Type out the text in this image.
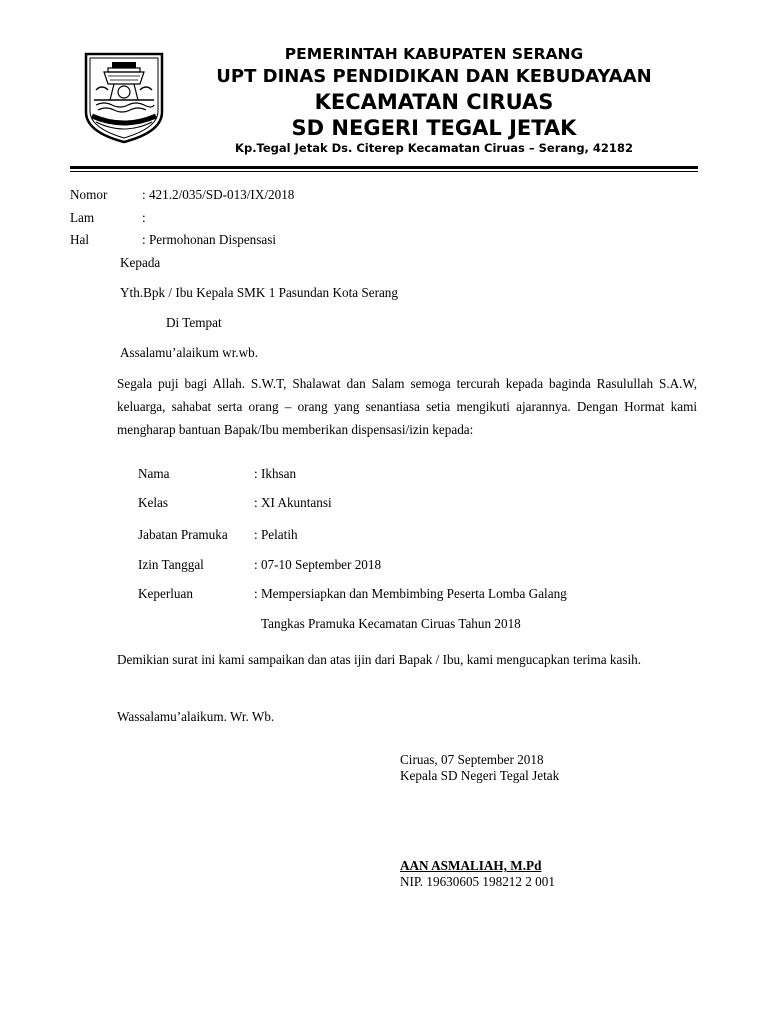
PEMERINTAH KABUPATEN SERANG

UPT DINAS PENDIDIKAN DAN KEBUDAYAAN

KECAMATAN CIRUAS

SD NEGERI TEGAL JETAK

Kp.Tegal Jetak Ds. Citerep Kecamatan Ciruas – Serang, 42182

Nomor	: 421.2/035/SD-013/IX/2018
Lam	:
Hal	: Permohonan Dispensasi
Kepada
Yth.Bpk / Ibu Kepala SMK 1 Pasundan Kota Serang
Di Tempat
Assalamu’alaikum wr.wb.

Segala puji bagi Allah. S.W.T, Shalawat dan Salam semoga tercurah kepada baginda Rasulullah S.A.W, keluarga, sahabat serta orang – orang yang senantiasa setia mengikuti ajarannya. Dengan Hormat kami mengharap bantuan Bapak/Ibu memberikan dispensasi/izin kepada:

Nama	: Ikhsan
Kelas	: XI Akuntansi
Jabatan Pramuka : Pelatih
Izin Tanggal	: 07-10 September 2018
Keperluan	: Mempersiapkan dan Membimbing Peserta Lomba Galang
Tangkas Pramuka Kecamatan Ciruas Tahun 2018

Demikian surat ini kami sampaikan dan atas ijin dari Bapak / Ibu, kami mengucapkan terima kasih.

Wassalamu’alaikum. Wr. Wb.
Ciruas, 07 September 2018
Kepala SD Negeri Tegal Jetak
AAN ASMALIAH, M.Pd
NIP. 19630605 198212 2 001
